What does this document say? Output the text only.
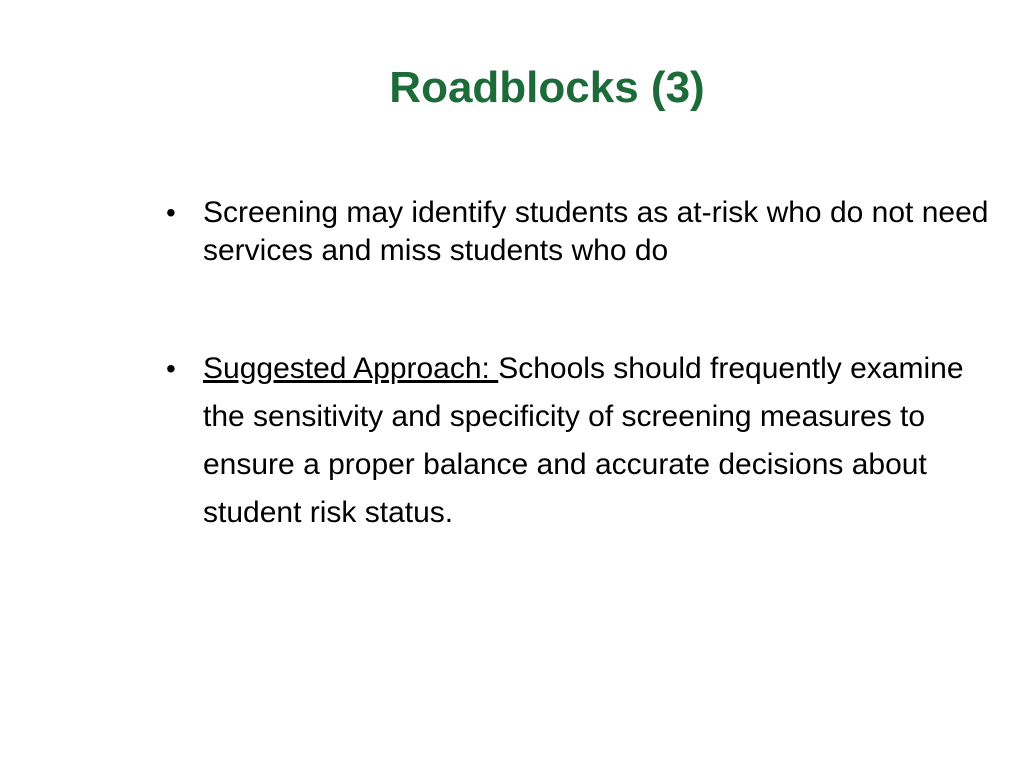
Roadblocks (3)
• Screening may identify students as at-risk who do not need services and miss students who do
• Suggested Approach: Schools should frequently examine the sensitivity and specificity of screening measures to ensure a proper balance and accurate decisions about student risk status.
